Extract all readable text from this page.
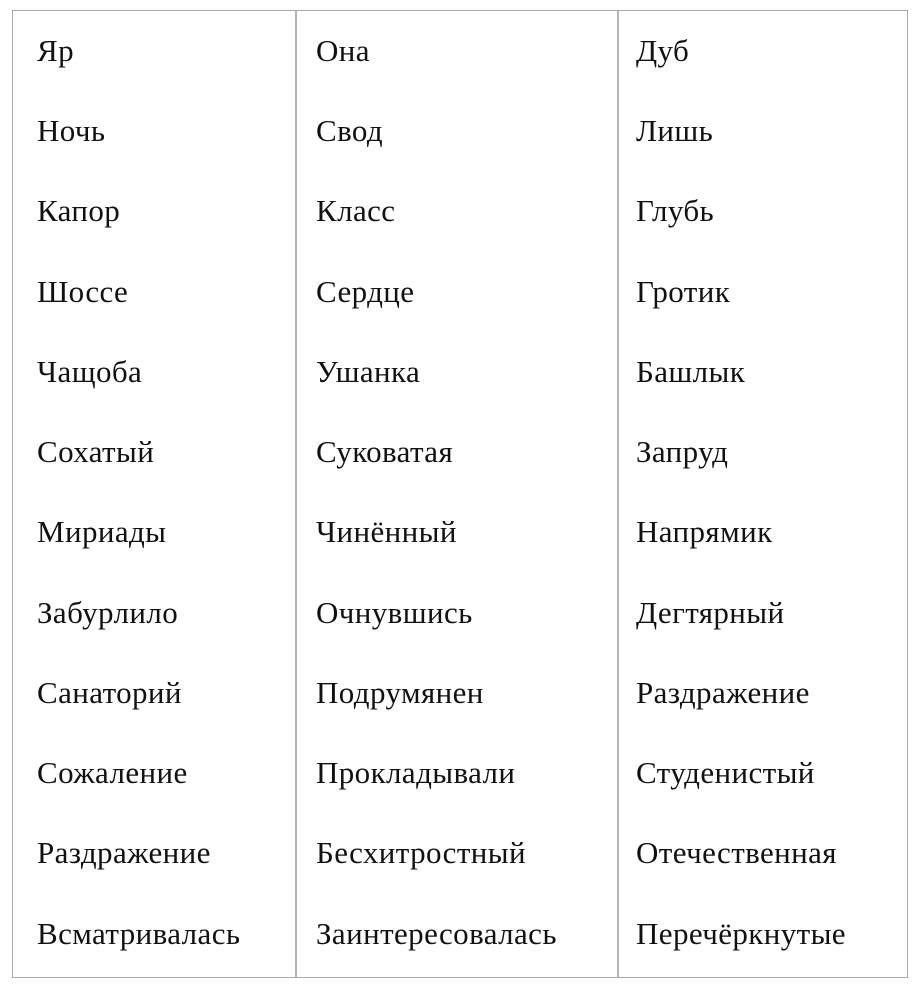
Яр
Ночь
Капор
Шоссе
Чащоба
Сохатый
Мириады
Забурлило
Санаторий
Сожаление
Раздражение
Всматривалась
Она
Свод
Класс
Сердце
Ушанка
Суковатая
Чинённый
Очнувшись
Подрумянен
Прокладывали
Бесхитростный
Заинтересовалась
Дуб
Лишь
Глубь
Гротик
Башлык
Запруд
Напрямик
Дегтярный
Раздражение
Студенистый
Отечественная
Перечёркнутые
